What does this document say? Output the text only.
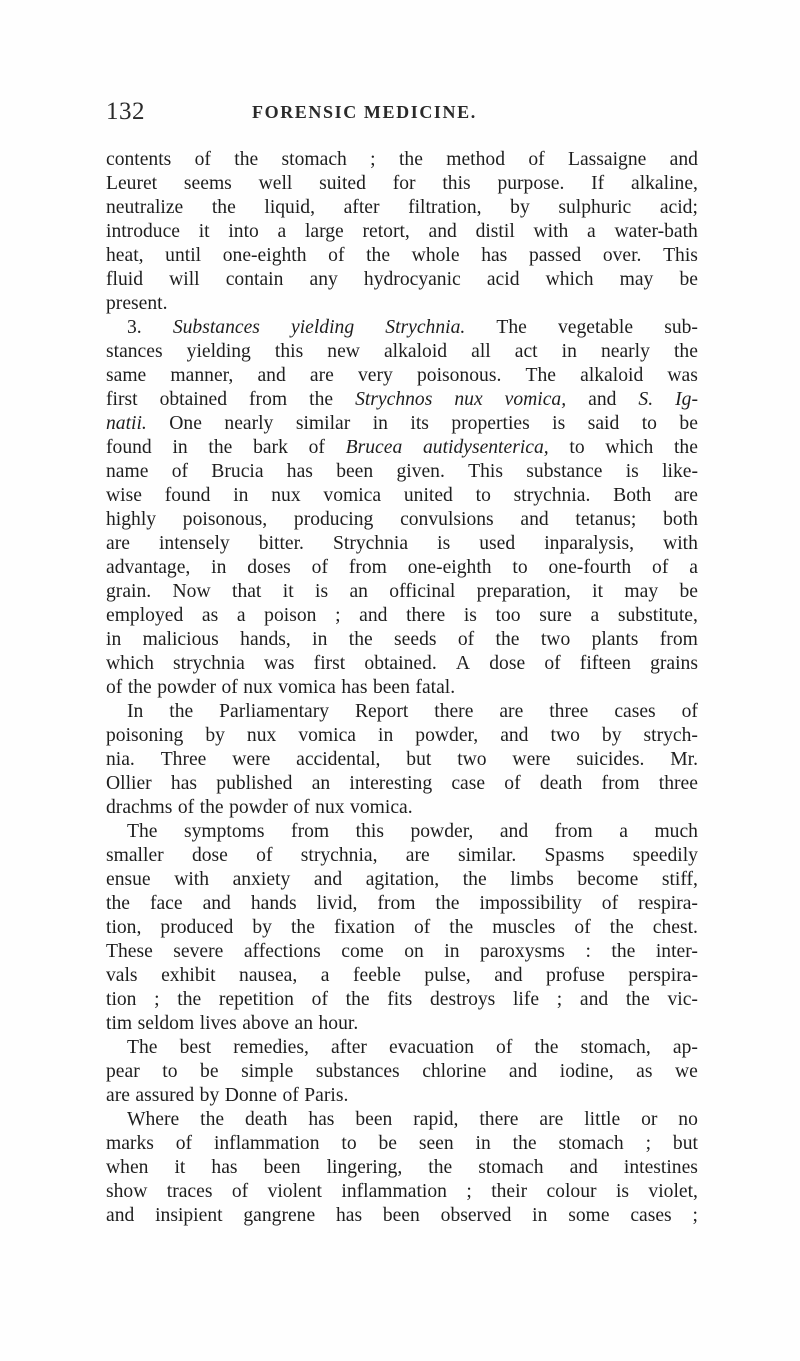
132	FORENSIC MEDICINE.
contents of the stomach ; the method of Lassaigne and
Leuret seems well suited for this purpose. If alkaline,
neutralize the liquid, after filtration, by sulphuric acid;
introduce it into a large retort, and distil with a water-bath
heat, until one-eighth of the whole has passed over. This
fluid will contain any hydrocyanic acid which may be
present.
3. Substances yielding Strychnia. The vegetable sub-
stances yielding this new alkaloid all act in nearly the
same manner, and are very poisonous. The alkaloid was
first obtained from the Strychnos nux vomica, and S. Ig-
natii. One nearly similar in its properties is said to be
found in the bark of Brucea autidysenterica, to which the
name of Brucia has been given. This substance is like-
wise found in nux vomica united to strychnia. Both are
highly poisonous, producing convulsions and tetanus; both
are intensely bitter. Strychnia is used inparalysis, with
advantage, in doses of from one-eighth to one-fourth of a
grain. Now that it is an officinal preparation, it may be
employed as a poison ; and there is too sure a substitute,
in malicious hands, in the seeds of the two plants from
which strychnia was first obtained. A dose of fifteen grains
of the powder of nux vomica has been fatal.
In the Parliamentary Report there are three cases of
poisoning by nux vomica in powder, and two by strych-
nia. Three were accidental, but two were suicides. Mr.
Ollier has published an interesting case of death from three
drachms of the powder of nux vomica.
The symptoms from this powder, and from a much
smaller dose of strychnia, are similar. Spasms speedily
ensue with anxiety and agitation, the limbs become stiff,
the face and hands livid, from the impossibility of respira-
tion, produced by the fixation of the muscles of the chest.
These severe affections come on in paroxysms : the inter-
vals exhibit nausea, a feeble pulse, and profuse perspira-
tion ; the repetition of the fits destroys life ; and the vic-
tim seldom lives above an hour.
The best remedies, after evacuation of the stomach, ap-
pear to be simple substances chlorine and iodine, as we
are assured by Donne of Paris.
Where the death has been rapid, there are little or no
marks of inflammation to be seen in the stomach ; but
when it has been lingering, the stomach and intestines
show traces of violent inflammation ; their colour is violet,
and insipient gangrene has been observed in some cases ;
